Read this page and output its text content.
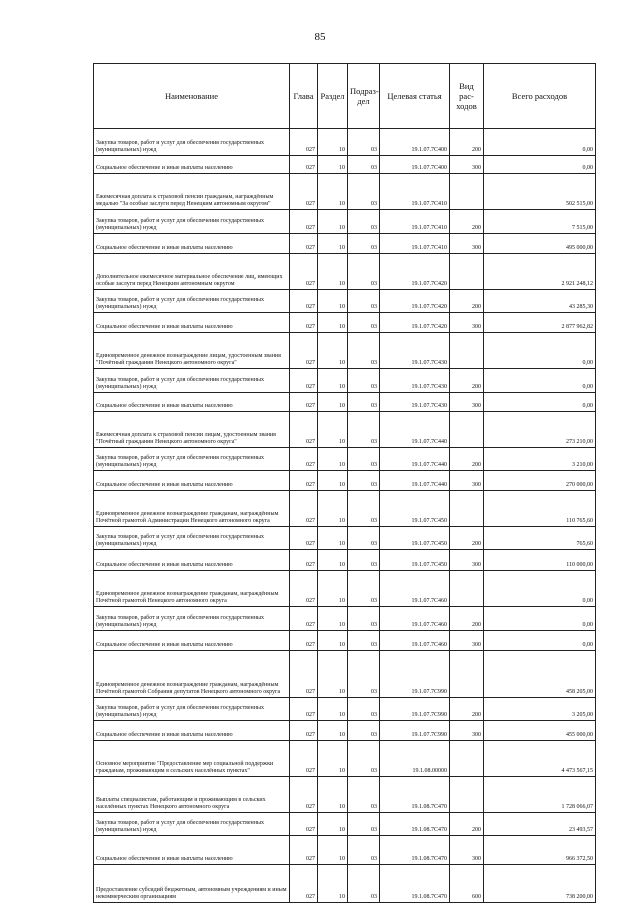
85
Наименование	Глава	Раздел	Подраз-дел	Целевая статья	Вид рас-ходов	Всего расходов
Закупка товаров, работ и услуг для обеспечения государственных (муниципальных) нужд	027	10	03	19.1.07.7С400	200	0,00
Социальное обеспечение и иные выплаты населению	027	10	03	19.1.07.7С400	300	0,00
Ежемесячная доплата к страховой пенсии гражданам, награждённым медалью "За особые заслуги перед Ненецким автономным округом"	027	10	03	19.1.07.7С410		502 515,00
Закупка товаров, работ и услуг для обеспечения государственных (муниципальных) нужд	027	10	03	19.1.07.7С410	200	7 515,00
Социальное обеспечение и иные выплаты населению	027	10	03	19.1.07.7С410	300	495 000,00
Дополнительное ежемесячное материальное обеспечение лиц, имеющих особые заслуги перед Ненецким автономным округом	027	10	03	19.1.07.7С420		2 921 248,12
Закупка товаров, работ и услуг для обеспечения государственных (муниципальных) нужд	027	10	03	19.1.07.7С420	200	43 285,30
Социальное обеспечение и иные выплаты населению	027	10	03	19.1.07.7С420	300	2 877 962,82
Единовременное денежное вознаграждение лицам, удостоенным звания "Почётный гражданин Ненецкого автономного округа"	027	10	03	19.1.07.7С430		0,00
Закупка товаров, работ и услуг для обеспечения государственных (муниципальных) нужд	027	10	03	19.1.07.7С430	200	0,00
Социальное обеспечение и иные выплаты населению	027	10	03	19.1.07.7С430	300	0,00
Ежемесячная доплата к страховой пенсии лицам, удостоенным звания "Почётный гражданин Ненецкого автономного округа"	027	10	03	19.1.07.7С440		273 210,00
Закупка товаров, работ и услуг для обеспечения государственных (муниципальных) нужд	027	10	03	19.1.07.7С440	200	3 210,00
Социальное обеспечение и иные выплаты населению	027	10	03	19.1.07.7С440	300	270 000,00
Единовременное денежное вознаграждение гражданам, награждённым Почётной грамотой Администрации Ненецкого автономного округа	027	10	03	19.1.07.7С450		110 765,60
Закупка товаров, работ и услуг для обеспечения государственных (муниципальных) нужд	027	10	03	19.1.07.7С450	200	765,60
Социальное обеспечение и иные выплаты населению	027	10	03	19.1.07.7С450	300	110 000,00
Единовременное денежное вознаграждение гражданам, награждённым Почётной грамотой Ненецкого автономного округа	027	10	03	19.1.07.7С460		0,00
Закупка товаров, работ и услуг для обеспечения государственных (муниципальных) нужд	027	10	03	19.1.07.7С460	200	0,00
Социальное обеспечение и иные выплаты населению	027	10	03	19.1.07.7С460	300	0,00
Единовременное денежное вознаграждение гражданам, награждённым Почётной грамотой Собрания депутатов Ненецкого автономного округа	027	10	03	19.1.07.7С990		458 205,00
Закупка товаров, работ и услуг для обеспечения государственных (муниципальных) нужд	027	10	03	19.1.07.7С990	200	3 205,00
Социальное обеспечение и иные выплаты населению	027	10	03	19.1.07.7С990	300	455 000,00
Основное мероприятие "Предоставление мер социальной поддержки гражданам, проживающим в сельских населённых пунктах"	027	10	03	19.1.08.00000		4 473 567,15
Выплаты специалистам, работающим и проживающим в сельских населённых пунктах Ненецкого автономного округа	027	10	03	19.1.08.7С470		1 728 066,07
Закупка товаров, работ и услуг для обеспечения государственных (муниципальных) нужд	027	10	03	19.1.08.7С470	200	23 493,57
Социальное обеспечение и иные выплаты населению	027	10	03	19.1.08.7С470	300	966 372,50
Предоставление субсидий бюджетным, автономным учреждениям и иным некоммерческим организациям	027	10	03	19.1.08.7С470	600	738 200,00
